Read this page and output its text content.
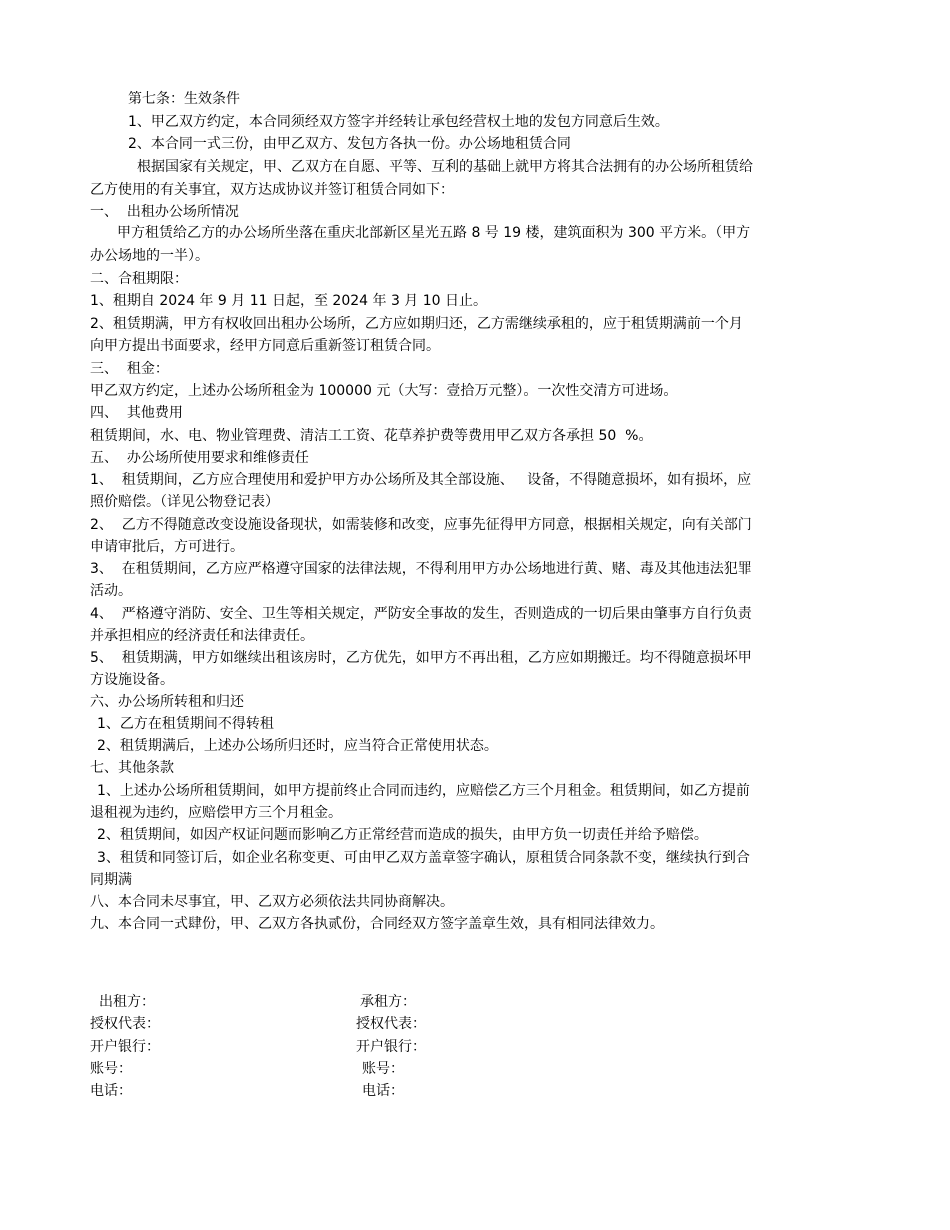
第七条：生效条件
1、甲乙双方约定，本合同须经双方签字并经转让承包经营权土地的发包方同意后生效。
2、本合同一式三份，由甲乙双方、发包方各执一份。办公场地租赁合同
根据国家有关规定，甲、乙双方在自愿、平等、互利的基础上就甲方将其合法拥有的办公场所租赁给
乙方使用的有关事宜，双方达成协议并签订租赁合同如下：
一、  出租办公场所情况
甲方租赁给乙方的办公场所坐落在重庆北部新区星光五路 8 号 19 楼，建筑面积为 300 平方米。（甲方
办公场地的一半）。
二、合租期限：
1、租期自 2024 年 9 月 11 日起，至 2024 年 3 月 10 日止。
2、租赁期满，甲方有权收回出租办公场所，乙方应如期归还，乙方需继续承租的，应于租赁期满前一个月
向甲方提出书面要求，经甲方同意后重新签订租赁合同。
三、  租金：
甲乙双方约定，上述办公场所租金为 100000 元（大写：壹拾万元整）。一次性交清方可进场。
四、  其他费用
租赁期间，水、电、物业管理费、清洁工工资、花草养护费等费用甲乙双方各承担 50  %。
五、  办公场所使用要求和维修责任
1、  租赁期间，乙方应合理使用和爱护甲方办公场所及其全部设施、   设备，不得随意损坏，如有损坏，应
照价赔偿。（详见公物登记表）
2、  乙方不得随意改变设施设备现状，如需装修和改变，应事先征得甲方同意，根据相关规定，向有关部门
申请审批后，方可进行。
3、  在租赁期间，乙方应严格遵守国家的法律法规，不得利用甲方办公场地进行黄、赌、毒及其他违法犯罪
活动。
4、  严格遵守消防、安全、卫生等相关规定，严防安全事故的发生，否则造成的一切后果由肇事方自行负责
并承担相应的经济责任和法律责任。
5、  租赁期满，甲方如继续出租该房时，乙方优先，如甲方不再出租，乙方应如期搬迁。均不得随意损坏甲
方设施设备。
六、办公场所转租和归还
1、乙方在租赁期间不得转租
2、租赁期满后，上述办公场所归还时，应当符合正常使用状态。
七、其他条款
1、上述办公场所租赁期间，如甲方提前终止合同而违约，应赔偿乙方三个月租金。租赁期间，如乙方提前
退租视为违约，应赔偿甲方三个月租金。
2、租赁期间，如因产权证问题而影响乙方正常经营而造成的损失，由甲方负一切责任并给予赔偿。
3、租赁和同签订后，如企业名称变更、可由甲乙双方盖章签字确认，原租赁合同条款不变，继续执行到合
同期满
八、本合同未尽事宜，甲、乙双方必须依法共同协商解决。
九、本合同一式肆份，甲、乙双方各执贰份，合同经双方签字盖章生效，具有相同法律效力。
出租方：
授权代表：
开户银行：
账号：
电话：
承租方：
授权代表：
开户银行：
账号：
电话：
